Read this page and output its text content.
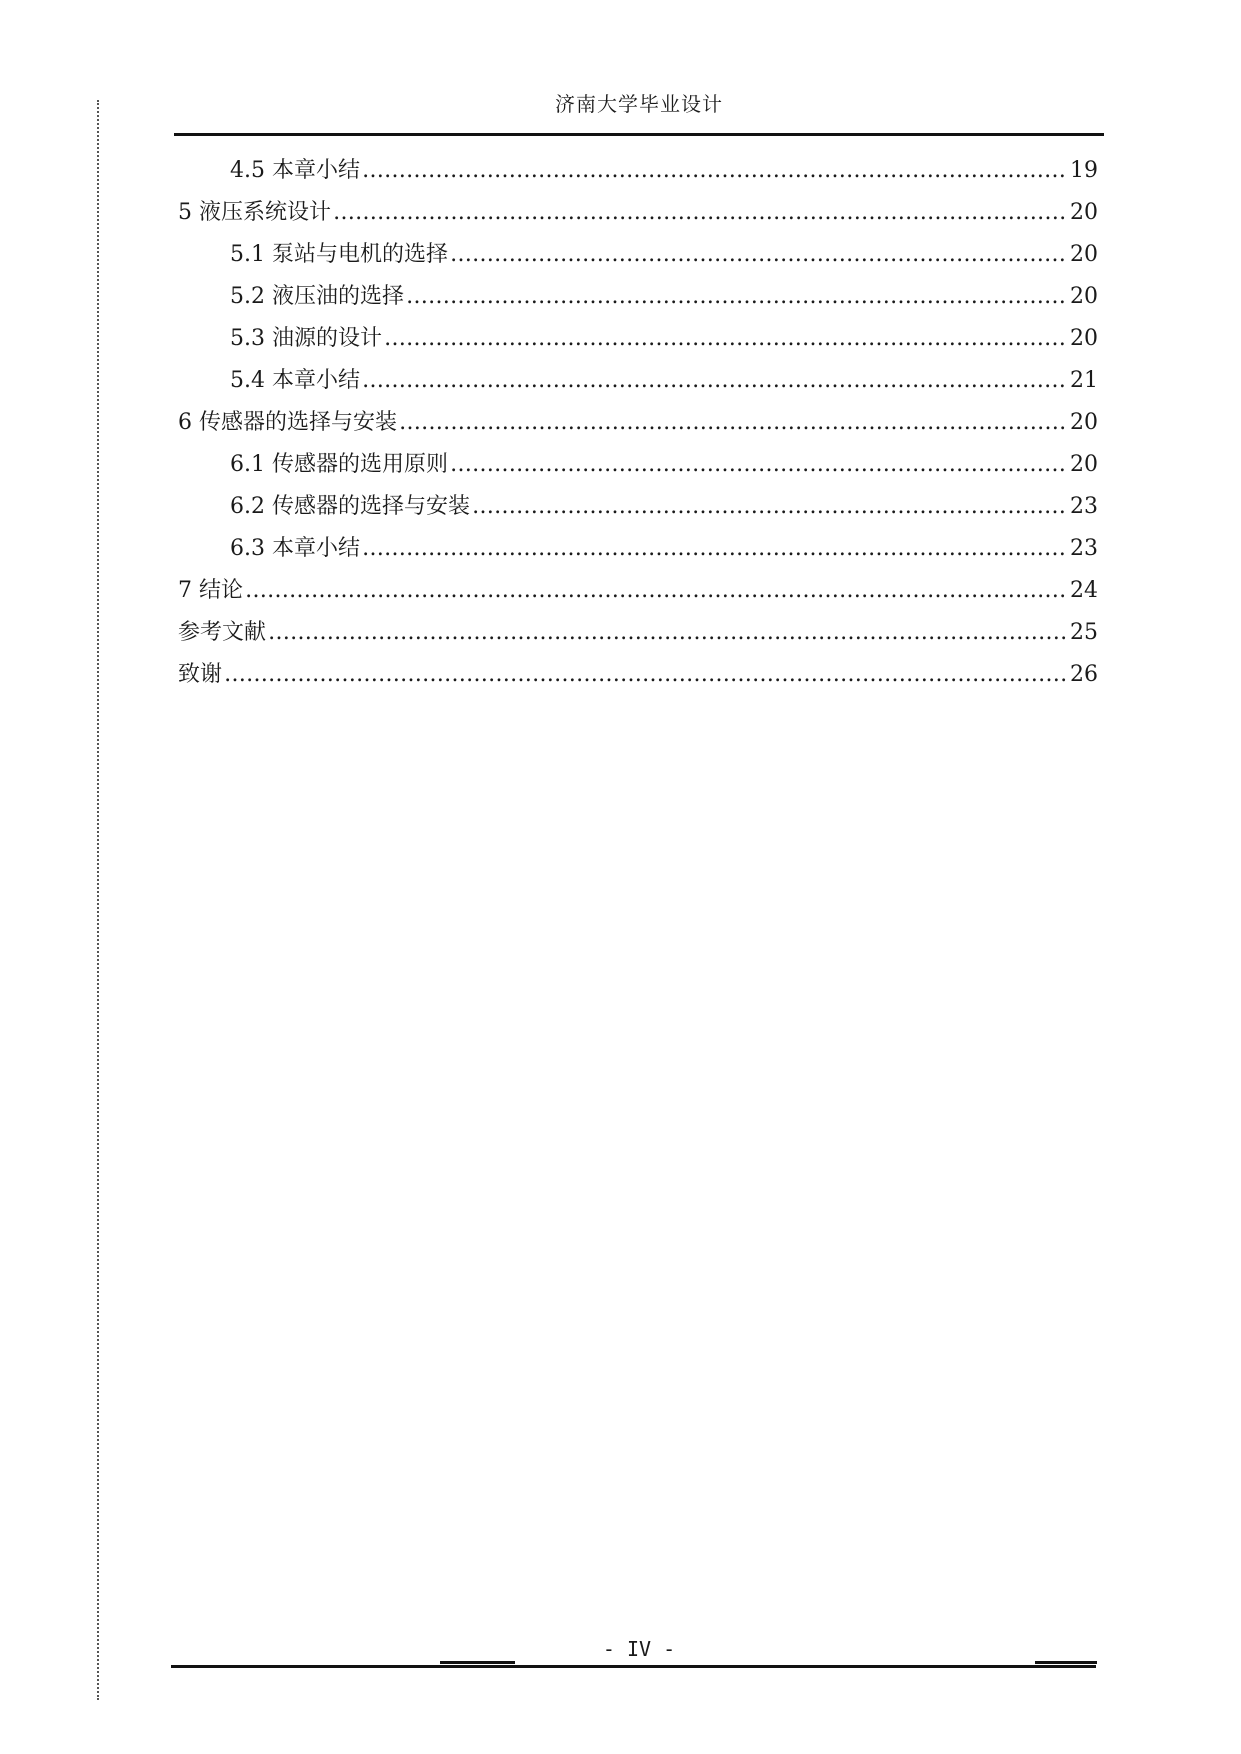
济南大学毕业设计
4.5 本章小结 ……………………………………………………………………………………………………………………………………	19
5 液压系统设计 ……………………………………………………………………………………………………………………………………	20
5.1 泵站与电机的选择 ……………………………………………………………………………………………………………………………………	20
5.2 液压油的选择 ……………………………………………………………………………………………………………………………………	20
5.3 油源的设计 ……………………………………………………………………………………………………………………………………	20
5.4 本章小结 ……………………………………………………………………………………………………………………………………	21
6 传感器的选择与安装 ……………………………………………………………………………………………………………………………………	20
6.1 传感器的选用原则 ……………………………………………………………………………………………………………………………………	20
6.2 传感器的选择与安装 ……………………………………………………………………………………………………………………………………	23
6.3 本章小结 ……………………………………………………………………………………………………………………………………	23
7 结论 ……………………………………………………………………………………………………………………………………	24
参考文献 ……………………………………………………………………………………………………………………………………	25
致谢 ……………………………………………………………………………………………………………………………………	26
- IV -
